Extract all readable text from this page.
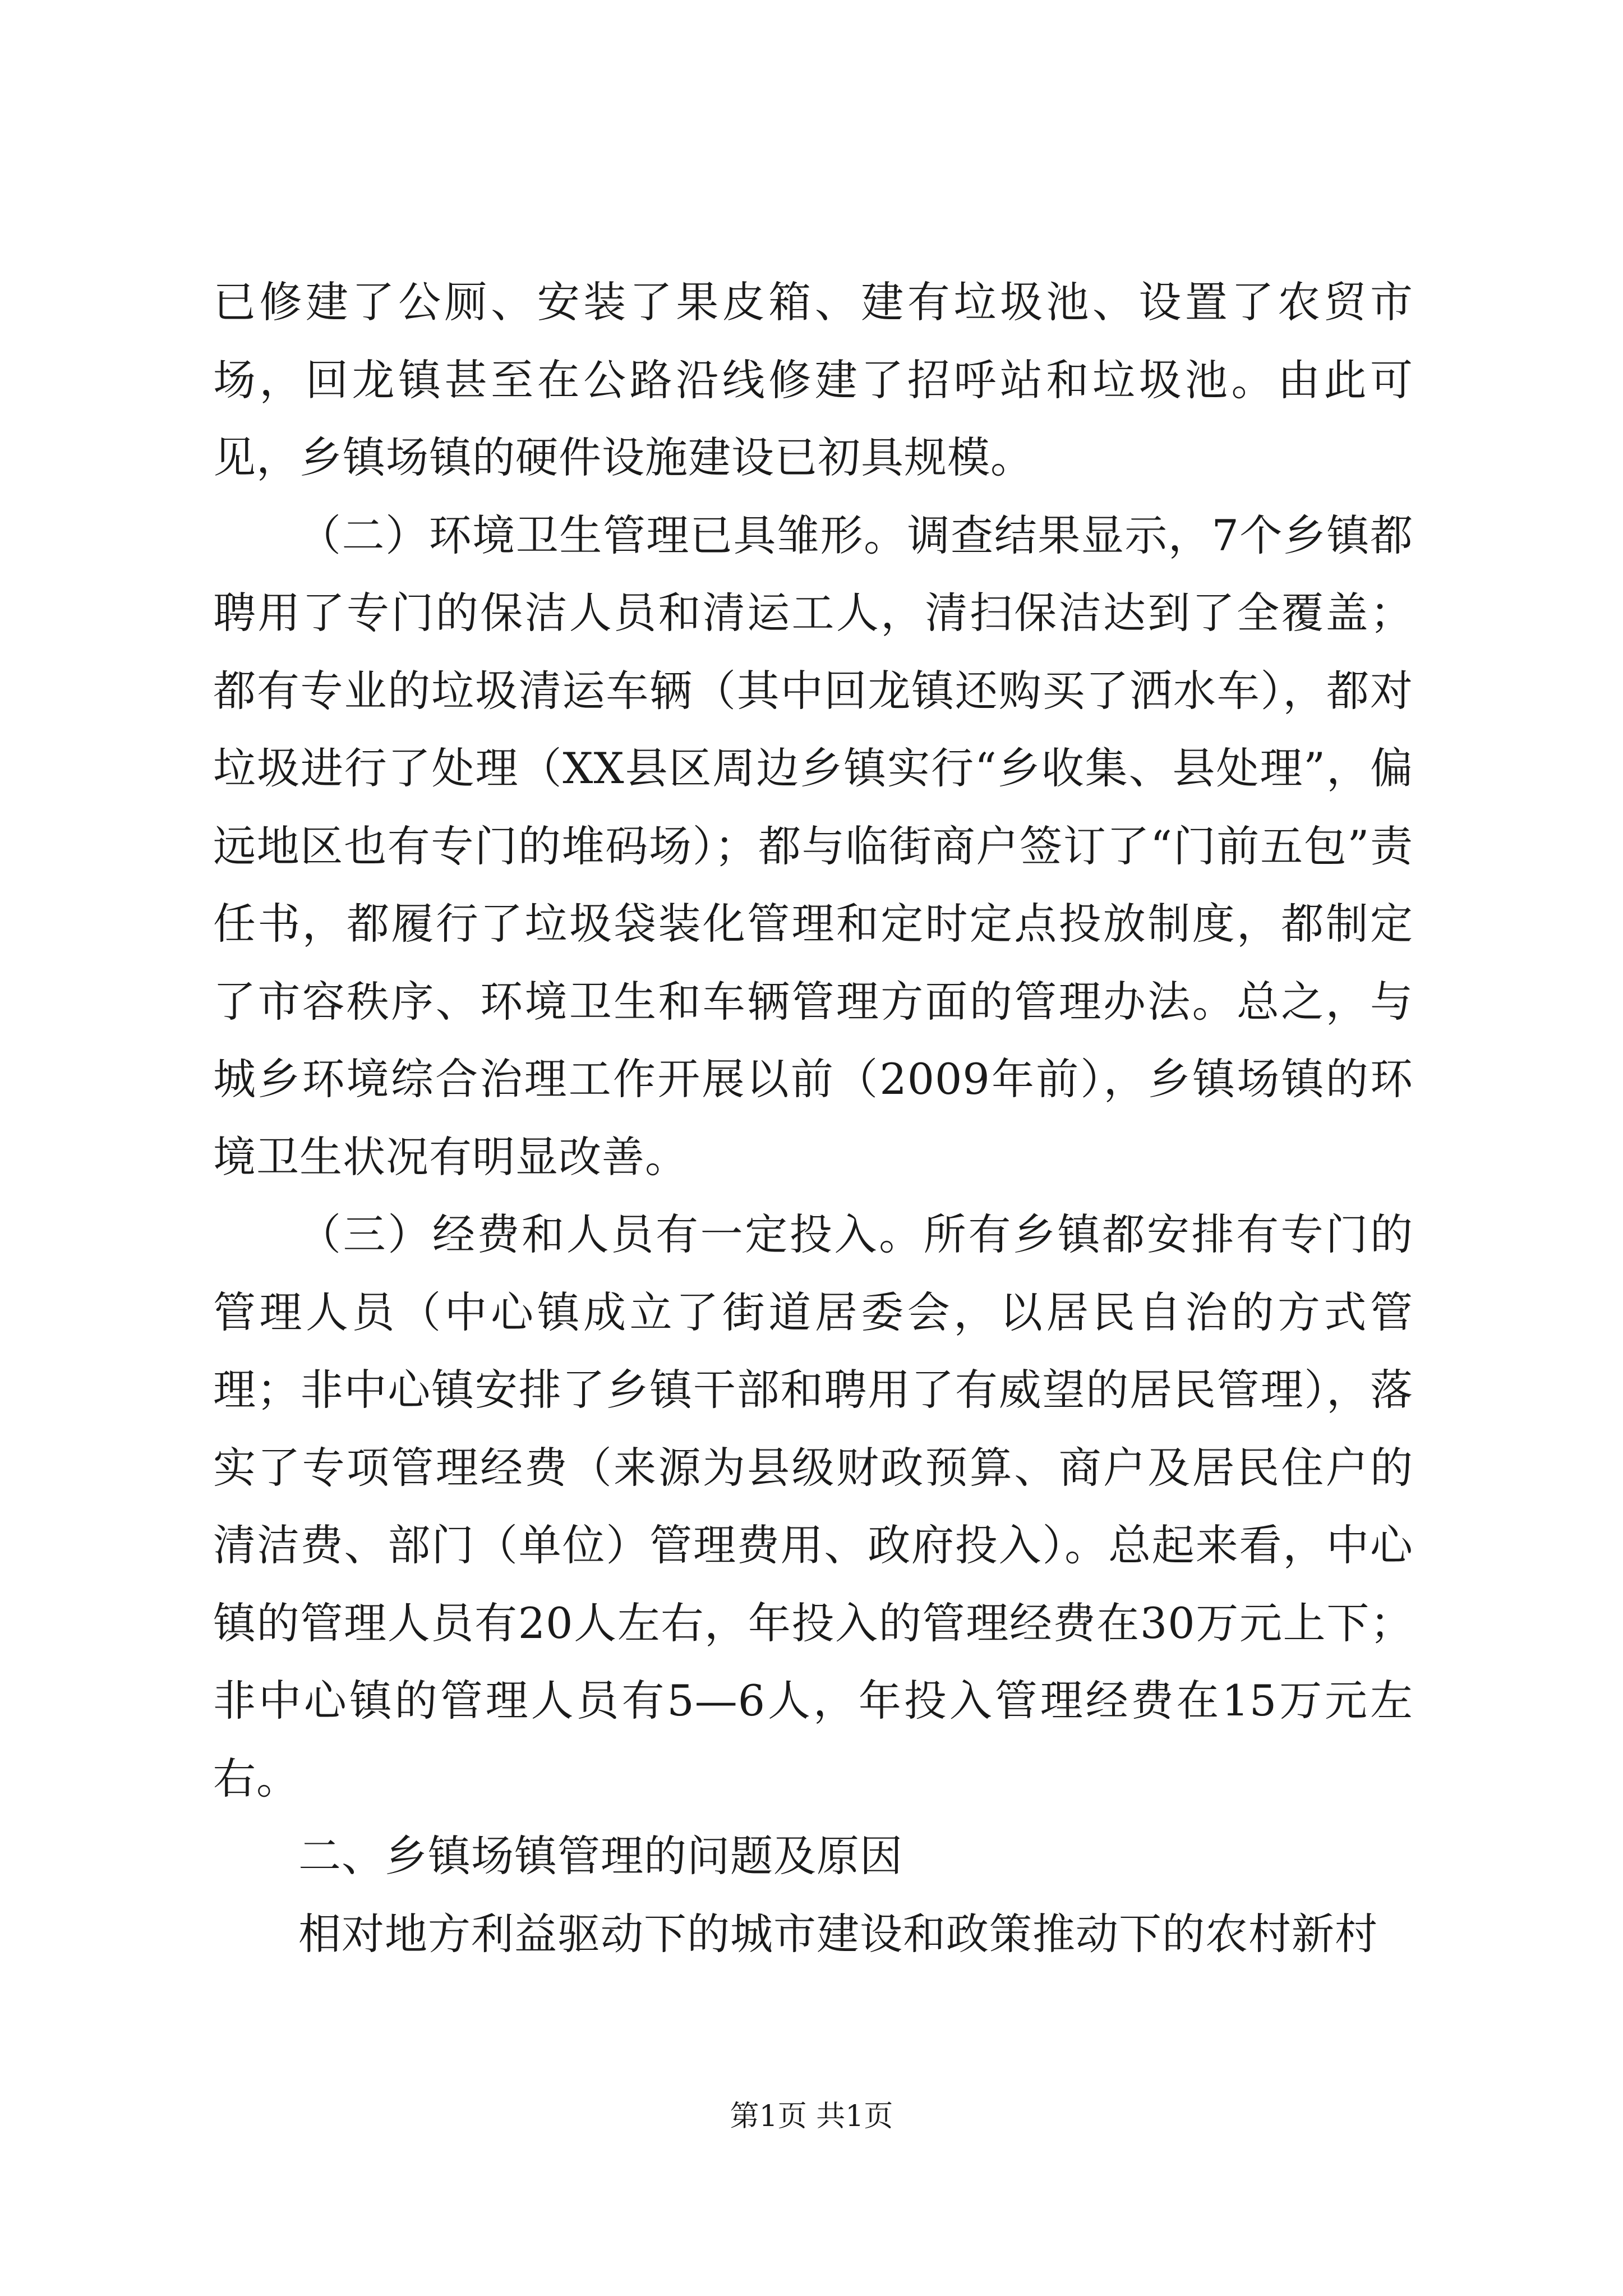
已修建了公厕、安装了果皮箱、建有垃圾池、设置了农贸市场，回龙镇甚至在公路沿线修建了招呼站和垃圾池。由此可见，乡镇场镇的硬件设施建设已初具规模。

（二）环境卫生管理已具雏形。调查结果显示，7个乡镇都聘用了专门的保洁人员和清运工人，清扫保洁达到了全覆盖；都有专业的垃圾清运车辆（其中回龙镇还购买了洒水车），都对垃圾进行了处理（XX县区周边乡镇实行“乡收集、县处理”，偏远地区也有专门的堆码场）；都与临街商户签订了“门前五包”责任书，都履行了垃圾袋装化管理和定时定点投放制度，都制定了市容秩序、环境卫生和车辆管理方面的管理办法。总之，与城乡环境综合治理工作开展以前（2009年前），乡镇场镇的环境卫生状况有明显改善。

（三）经费和人员有一定投入。所有乡镇都安排有专门的管理人员（中心镇成立了街道居委会，以居民自治的方式管理；非中心镇安排了乡镇干部和聘用了有威望的居民管理），落实了专项管理经费（来源为县级财政预算、商户及居民住户的清洁费、部门（单位）管理费用、政府投入）。总起来看，中心镇的管理人员有20人左右，年投入的管理经费在30万元上下；非中心镇的管理人员有5—6人，年投入管理经费在15万元左右。

二、乡镇场镇管理的问题及原因

相对地方利益驱动下的城市建设和政策推动下的农村新村

第1页 共1页
